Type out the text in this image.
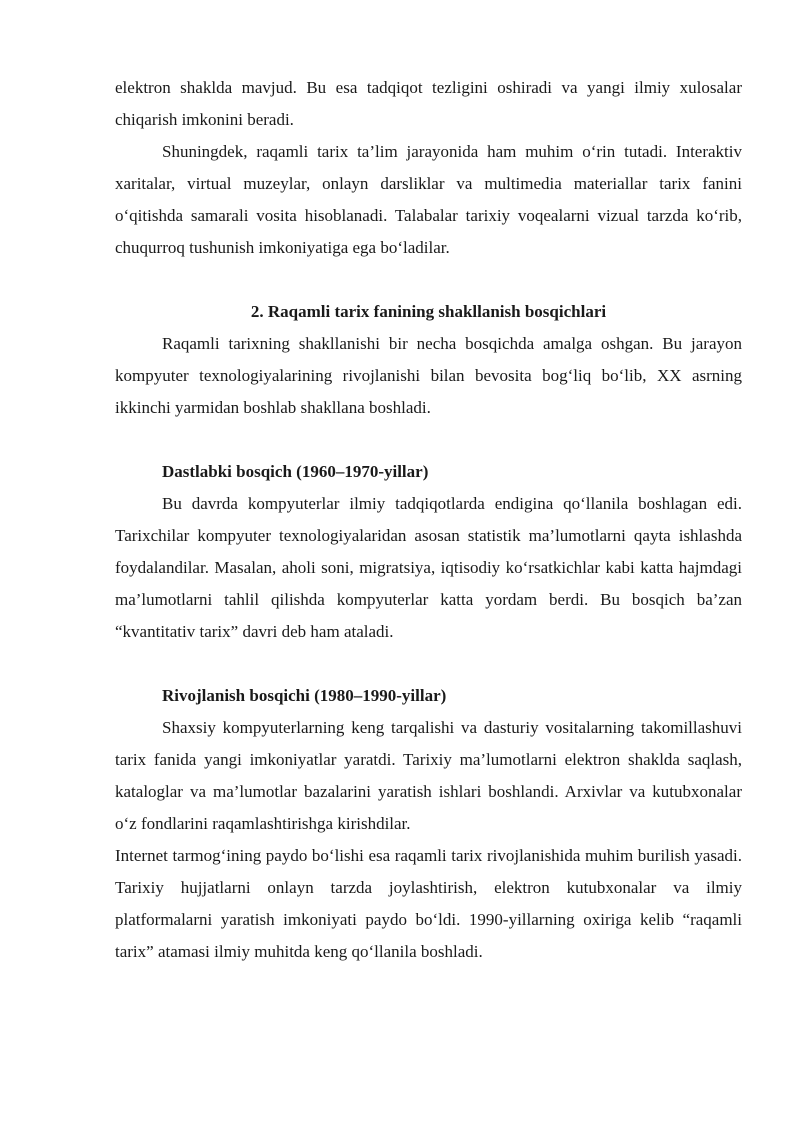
elektron shaklda mavjud. Bu esa tadqiqot tezligini oshiradi va yangi ilmiy xulosalar chiqarish imkonini beradi.

Shuningdek, raqamli tarix ta’lim jarayonida ham muhim o‘rin tutadi. Interaktiv xaritalar, virtual muzeylar, onlayn darsliklar va multimedia materiallar tarix fanini o‘qitishda samarali vosita hisoblanadi. Talabalar tarixiy voqealarni vizual tarzda ko‘rib, chuqurroq tushunish imkoniyatiga ega bo‘ladilar.

2. Raqamli tarix fanining shakllanish bosqichlari

Raqamli tarixning shakllanishi bir necha bosqichda amalga oshgan. Bu jarayon kompyuter texnologiyalarining rivojlanishi bilan bevosita bog‘liq bo‘lib, XX asrning ikkinchi yarmidan boshlab shakllana boshladi.

Dastlabki bosqich (1960–1970-yillar)

Bu davrda kompyuterlar ilmiy tadqiqotlarda endigina qo‘llanila boshlagan edi. Tarixchilar kompyuter texnologiyalaridan asosan statistik ma’lumotlarni qayta ishlashda foydalandilar. Masalan, aholi soni, migratsiya, iqtisodiy ko‘rsatkichlar kabi katta hajmdagi ma’lumotlarni tahlil qilishda kompyuterlar katta yordam berdi. Bu bosqich ba’zan “kvantitativ tarix” davri deb ham ataladi.

Rivojlanish bosqichi (1980–1990-yillar)

Shaxsiy kompyuterlarning keng tarqalishi va dasturiy vositalarning takomillashuvi tarix fanida yangi imkoniyatlar yaratdi. Tarixiy ma’lumotlarni elektron shaklda saqlash, kataloglar va ma’lumotlar bazalarini yaratish ishlari boshlandi. Arxivlar va kutubxonalar o‘z fondlarini raqamlashtirishga kirishdilar.

Internet tarmog‘ining paydo bo‘lishi esa raqamli tarix rivojlanishida muhim burilish yasadi. Tarixiy hujjatlarni onlayn tarzda joylashtirish, elektron kutubxonalar va ilmiy platformalarni yaratish imkoniyati paydo bo‘ldi. 1990-yillarning oxiriga kelib “raqamli tarix” atamasi ilmiy muhitda keng qo‘llanila boshladi.
